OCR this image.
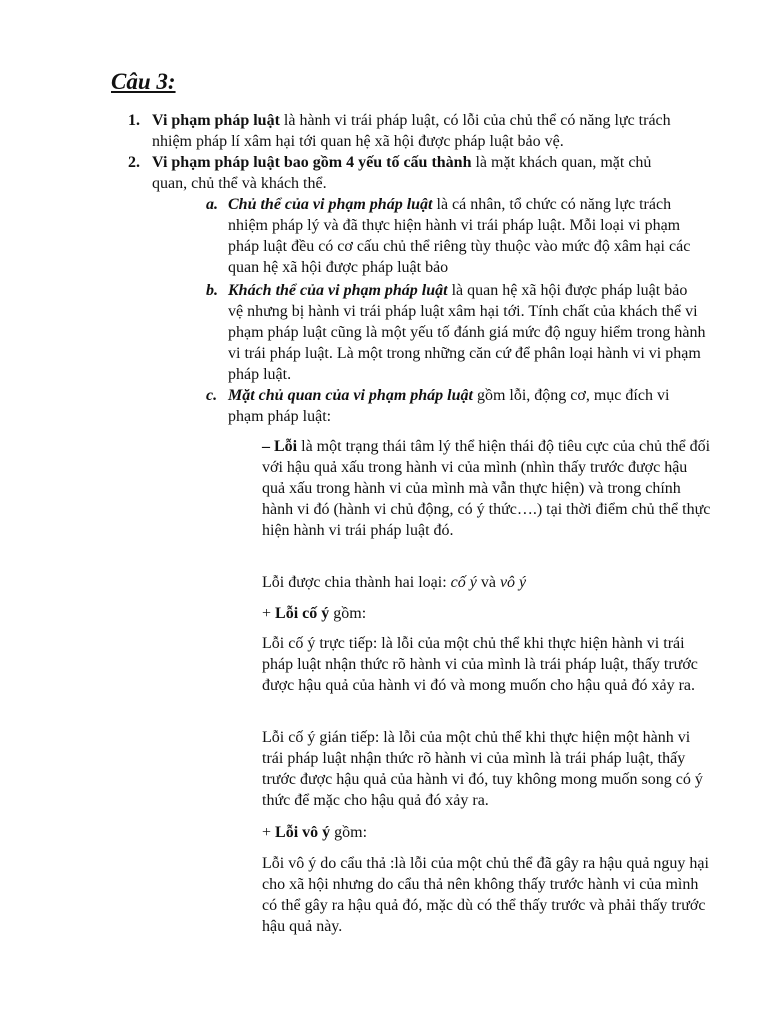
Câu 3:
1. Vi phạm pháp luật là hành vi trái pháp luật, có lỗi của chủ thể có năng lực trách nhiệm pháp lí xâm hại tới quan hệ xã hội được pháp luật bảo vệ.
2. Vi phạm pháp luật bao gồm 4 yếu tố cấu thành là mặt khách quan, mặt chủ quan, chủ thể và khách thể.
a. Chủ thể của vi phạm pháp luật là cá nhân, tổ chức có năng lực trách nhiệm pháp lý và đã thực hiện hành vi trái pháp luật. Mỗi loại vi phạm pháp luật đều có cơ cấu chủ thể riêng tùy thuộc vào mức độ xâm hại các quan hệ xã hội được pháp luật bảo
b. Khách thể của vi phạm pháp luật là quan hệ xã hội được pháp luật bảo vệ nhưng bị hành vi trái pháp luật xâm hại tới. Tính chất của khách thể vi phạm pháp luật cũng là một yếu tố đánh giá mức độ nguy hiểm trong hành vi trái pháp luật. Là một trong những căn cứ để phân loại hành vi vi phạm pháp luật.
c. Mặt chủ quan của vi phạm pháp luật gồm lỗi, động cơ, mục đích vi phạm pháp luật:
– Lỗi là một trạng thái tâm lý thể hiện thái độ tiêu cực của chủ thể đối với hậu quả xấu trong hành vi của mình (nhìn thấy trước được hậu quả xấu trong hành vi của mình mà vẫn thực hiện) và trong chính hành vi đó (hành vi chủ động, có ý thức….) tại thời điểm chủ thể thực hiện hành vi trái pháp luật đó.
Lỗi được chia thành hai loại: cố ý và vô ý
+ Lỗi cố ý gồm:
Lỗi cố ý trực tiếp: là lỗi của một chủ thể khi thực hiện hành vi trái pháp luật nhận thức rõ hành vi của mình là trái pháp luật, thấy trước được hậu quả của hành vi đó và mong muốn cho hậu quả đó xảy ra.
Lỗi cố ý gián tiếp: là lỗi của một chủ thể khi thực hiện một hành vi trái pháp luật nhận thức rõ hành vi của mình là trái pháp luật, thấy trước được hậu quả của hành vi đó, tuy không mong muốn song có ý thức để mặc cho hậu quả đó xảy ra.
+ Lỗi vô ý gồm:
Lỗi vô ý do cẩu thả :là lỗi của một chủ thể đã gây ra hậu quả nguy hại cho xã hội nhưng do cẩu thả nên không thấy trước hành vi của mình có thể gây ra hậu quả đó, mặc dù có thể thấy trước và phải thấy trước hậu quả này.
